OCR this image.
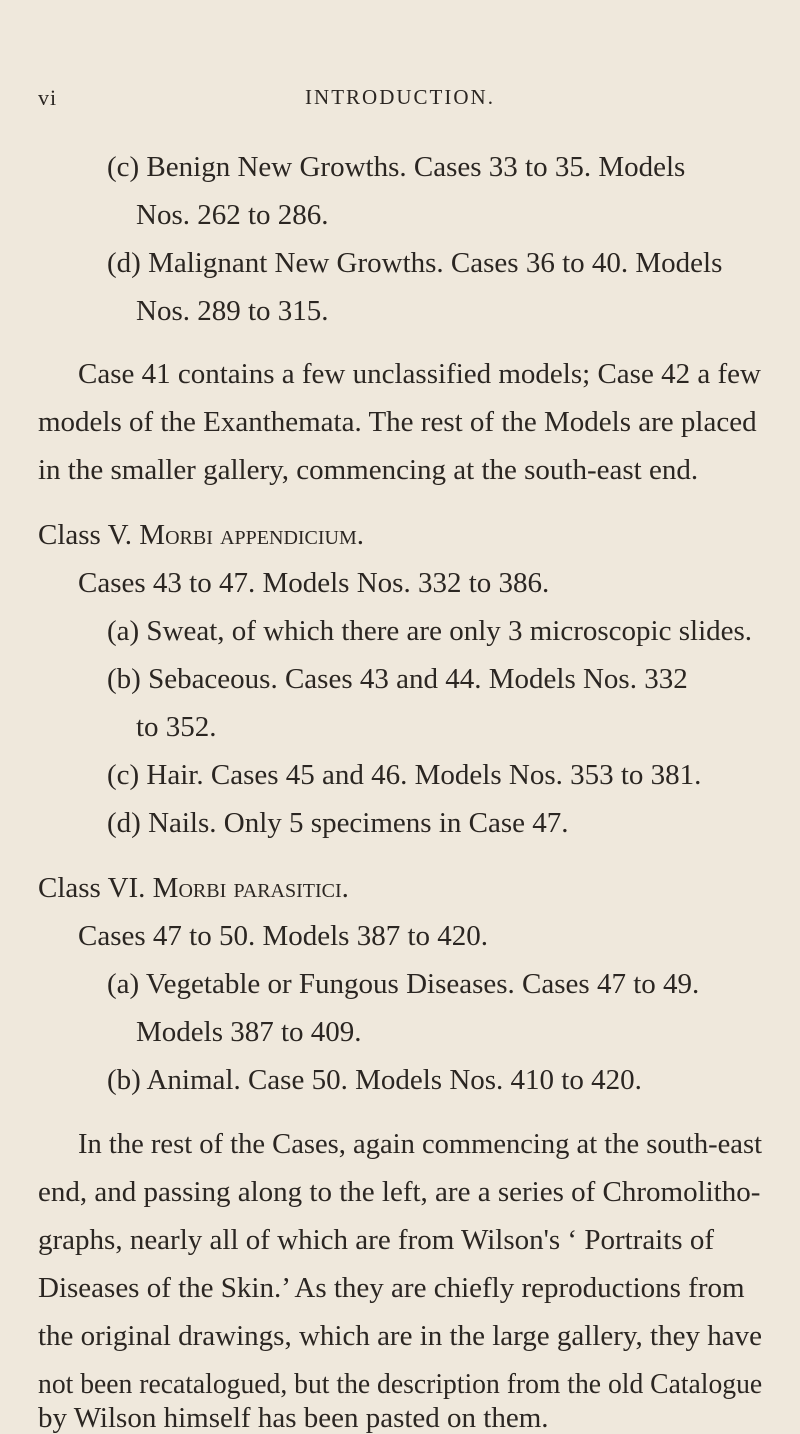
vi	INTRODUCTION.
(c) Benign New Growths. Cases 33 to 35. Models
Nos. 262 to 286.
(d) Malignant New Growths. Cases 36 to 40. Models
Nos. 289 to 315.
Case 41 contains a few unclassified models; Case 42 a few
models of the Exanthemata. The rest of the Models are placed
in the smaller gallery, commencing at the south-east end.
Class V. Morbi appendicium.
Cases 43 to 47. Models Nos. 332 to 386.
(a) Sweat, of which there are only 3 microscopic slides.
(b) Sebaceous. Cases 43 and 44. Models Nos. 332
to 352.
(c) Hair. Cases 45 and 46. Models Nos. 353 to 381.
(d) Nails. Only 5 specimens in Case 47.
Class VI. Morbi parasitici.
Cases 47 to 50. Models 387 to 420.
(a) Vegetable or Fungous Diseases. Cases 47 to 49.
Models 387 to 409.
(b) Animal. Case 50. Models Nos. 410 to 420.
In the rest of the Cases, again commencing at the south-east
end, and passing along to the left, are a series of Chromolitho-
graphs, nearly all of which are from Wilson's ‘ Portraits of
Diseases of the Skin.’ As they are chiefly reproductions from
the original drawings, which are in the large gallery, they have
not been recatalogued, but the description from the old Catalogue
by Wilson himself has been pasted on them.
